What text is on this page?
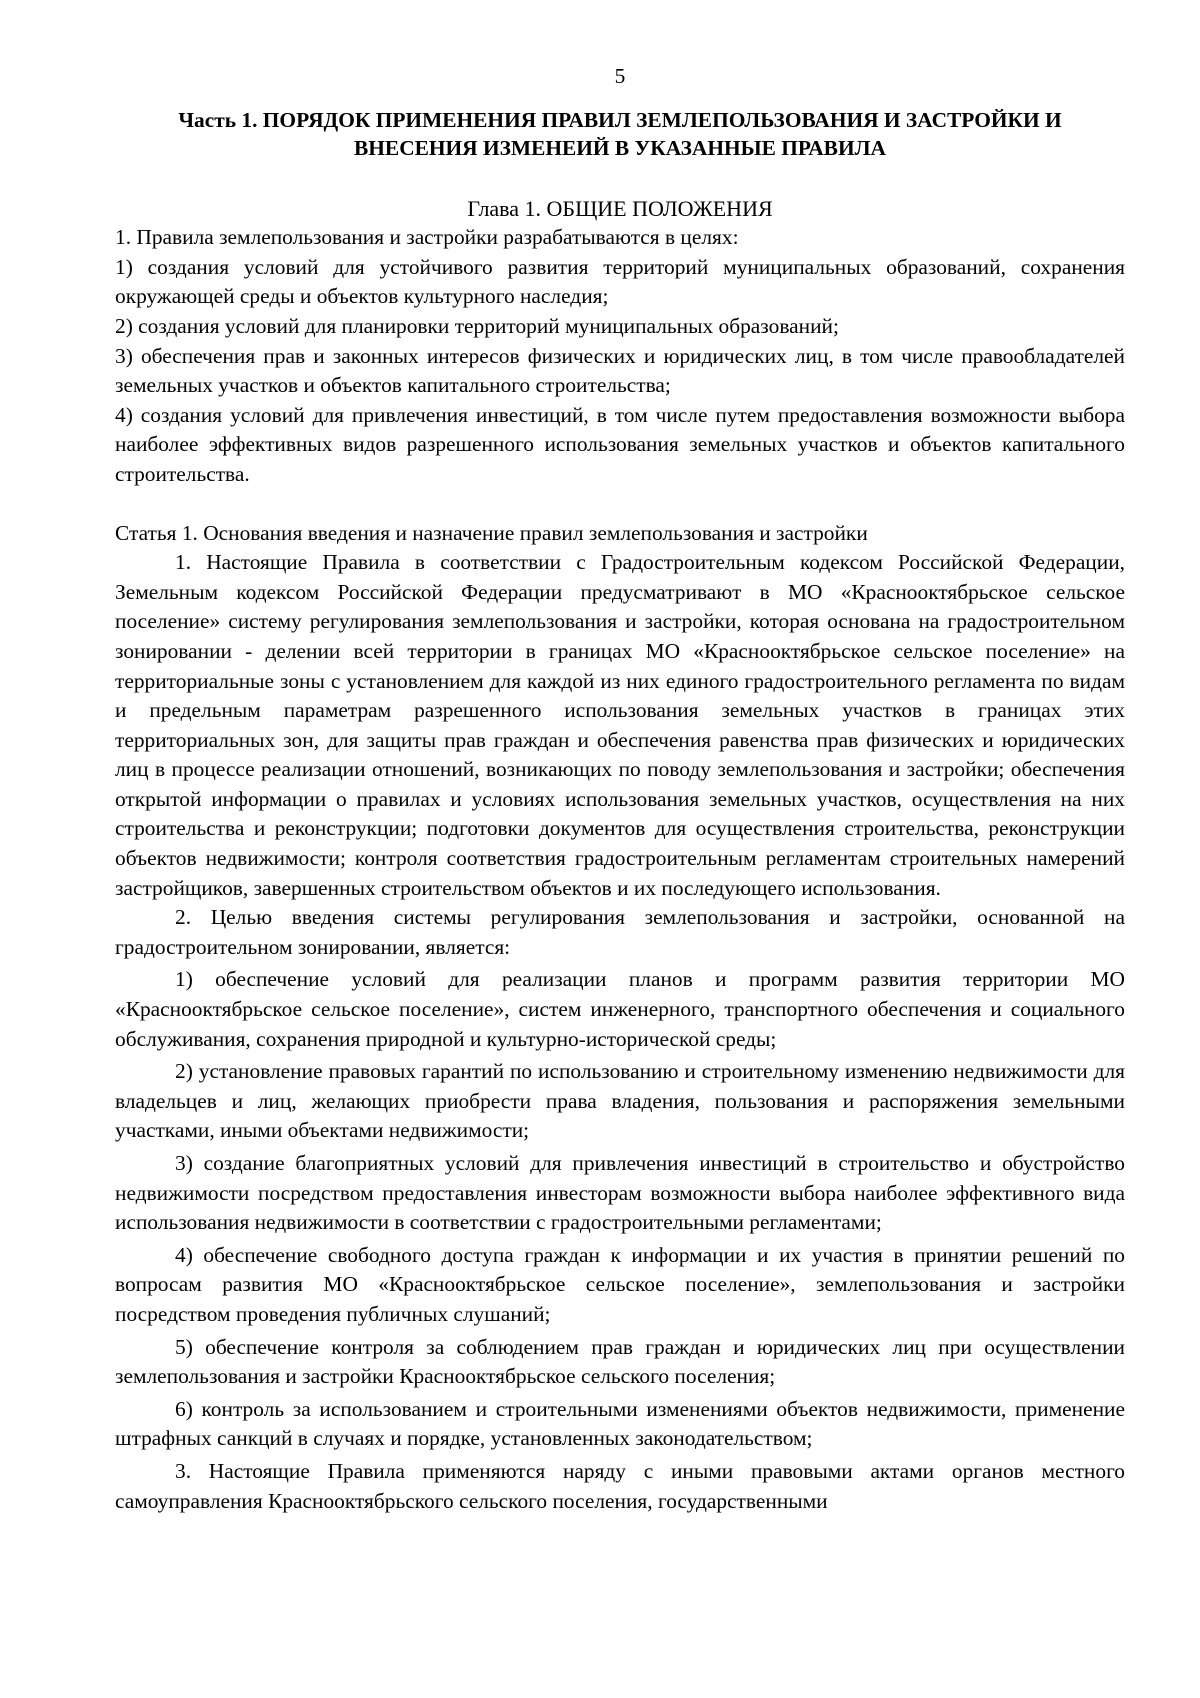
5
Часть 1. ПОРЯДОК ПРИМЕНЕНИЯ ПРАВИЛ ЗЕМЛЕПОЛЬЗОВАНИЯ И ЗАСТРОЙКИ И
ВНЕСЕНИЯ ИЗМЕНЕИЙ В УКАЗАННЫЕ ПРАВИЛА
Глава 1. ОБЩИЕ ПОЛОЖЕНИЯ

1. Правила землепользования и застройки разрабатываются в целях:

1) создания условий для устойчивого развития территорий муниципальных образований, сохранения окружающей среды и объектов культурного наследия;

2) создания условий для планировки территорий муниципальных образований;

3) обеспечения прав и законных интересов физических и юридических лиц, в том числе правообладателей земельных участков и объектов капитального строительства;

4) создания условий для привлечения инвестиций, в том числе путем предоставления возможности выбора наиболее эффективных видов разрешенного использования земельных участков и объектов капитального строительства.

Статья 1. Основания введения и назначение правил землепользования и застройки

1. Настоящие Правила в соответствии с Градостроительным кодексом Российской Федерации, Земельным кодексом Российской Федерации предусматривают в МО «Краснооктябрьское сельское поселение» систему регулирования землепользования и застройки, которая основана на градостроительном зонировании - делении всей территории в границах МО «Краснооктябрьское сельское поселение» на территориальные зоны с установлением для каждой из них единого градостроительного регламента по видам и предельным параметрам разрешенного использования земельных участков в границах этих территориальных зон, для защиты прав граждан и обеспечения равенства прав физических и юридических лиц в процессе реализации отношений, возникающих по поводу землепользования и застройки; обеспечения открытой информации о правилах и условиях использования земельных участков, осуществления на них строительства и реконструкции; подготовки документов для осуществления строительства, реконструкции объектов недвижимости; контроля соответствия градостроительным регламентам строительных намерений застройщиков, завершенных строительством объектов и их последующего использования.

2. Целью введения системы регулирования землепользования и застройки, основанной на градостроительном зонировании, является:

1) обеспечение условий для реализации планов и программ развития территории МО «Краснооктябрьское сельское поселение», систем инженерного, транспортного обеспечения и социального обслуживания, сохранения природной и культурно-исторической среды;

2) установление правовых гарантий по использованию и строительному изменению недвижимости для владельцев и лиц, желающих приобрести права владения, пользования и распоряжения земельными участками, иными объектами недвижимости;

3) создание благоприятных условий для привлечения инвестиций в строительство и обустройство недвижимости посредством предоставления инвесторам возможности выбора наиболее эффективного вида использования недвижимости в соответствии с градостроительными регламентами;

4) обеспечение свободного доступа граждан к информации и их участия в принятии решений по вопросам развития МО «Краснооктябрьское сельское поселение», землепользования и застройки посредством проведения публичных слушаний;

5) обеспечение контроля за соблюдением прав граждан и юридических лиц при осуществлении землепользования и застройки Краснооктябрьское сельского поселения;

6) контроль за использованием и строительными изменениями объектов недвижимости, применение штрафных санкций в случаях и порядке, установленных законодательством;

3. Настоящие Правила применяются наряду с иными правовыми актами органов местного самоуправления Краснооктябрьского сельского поселения, государственными
